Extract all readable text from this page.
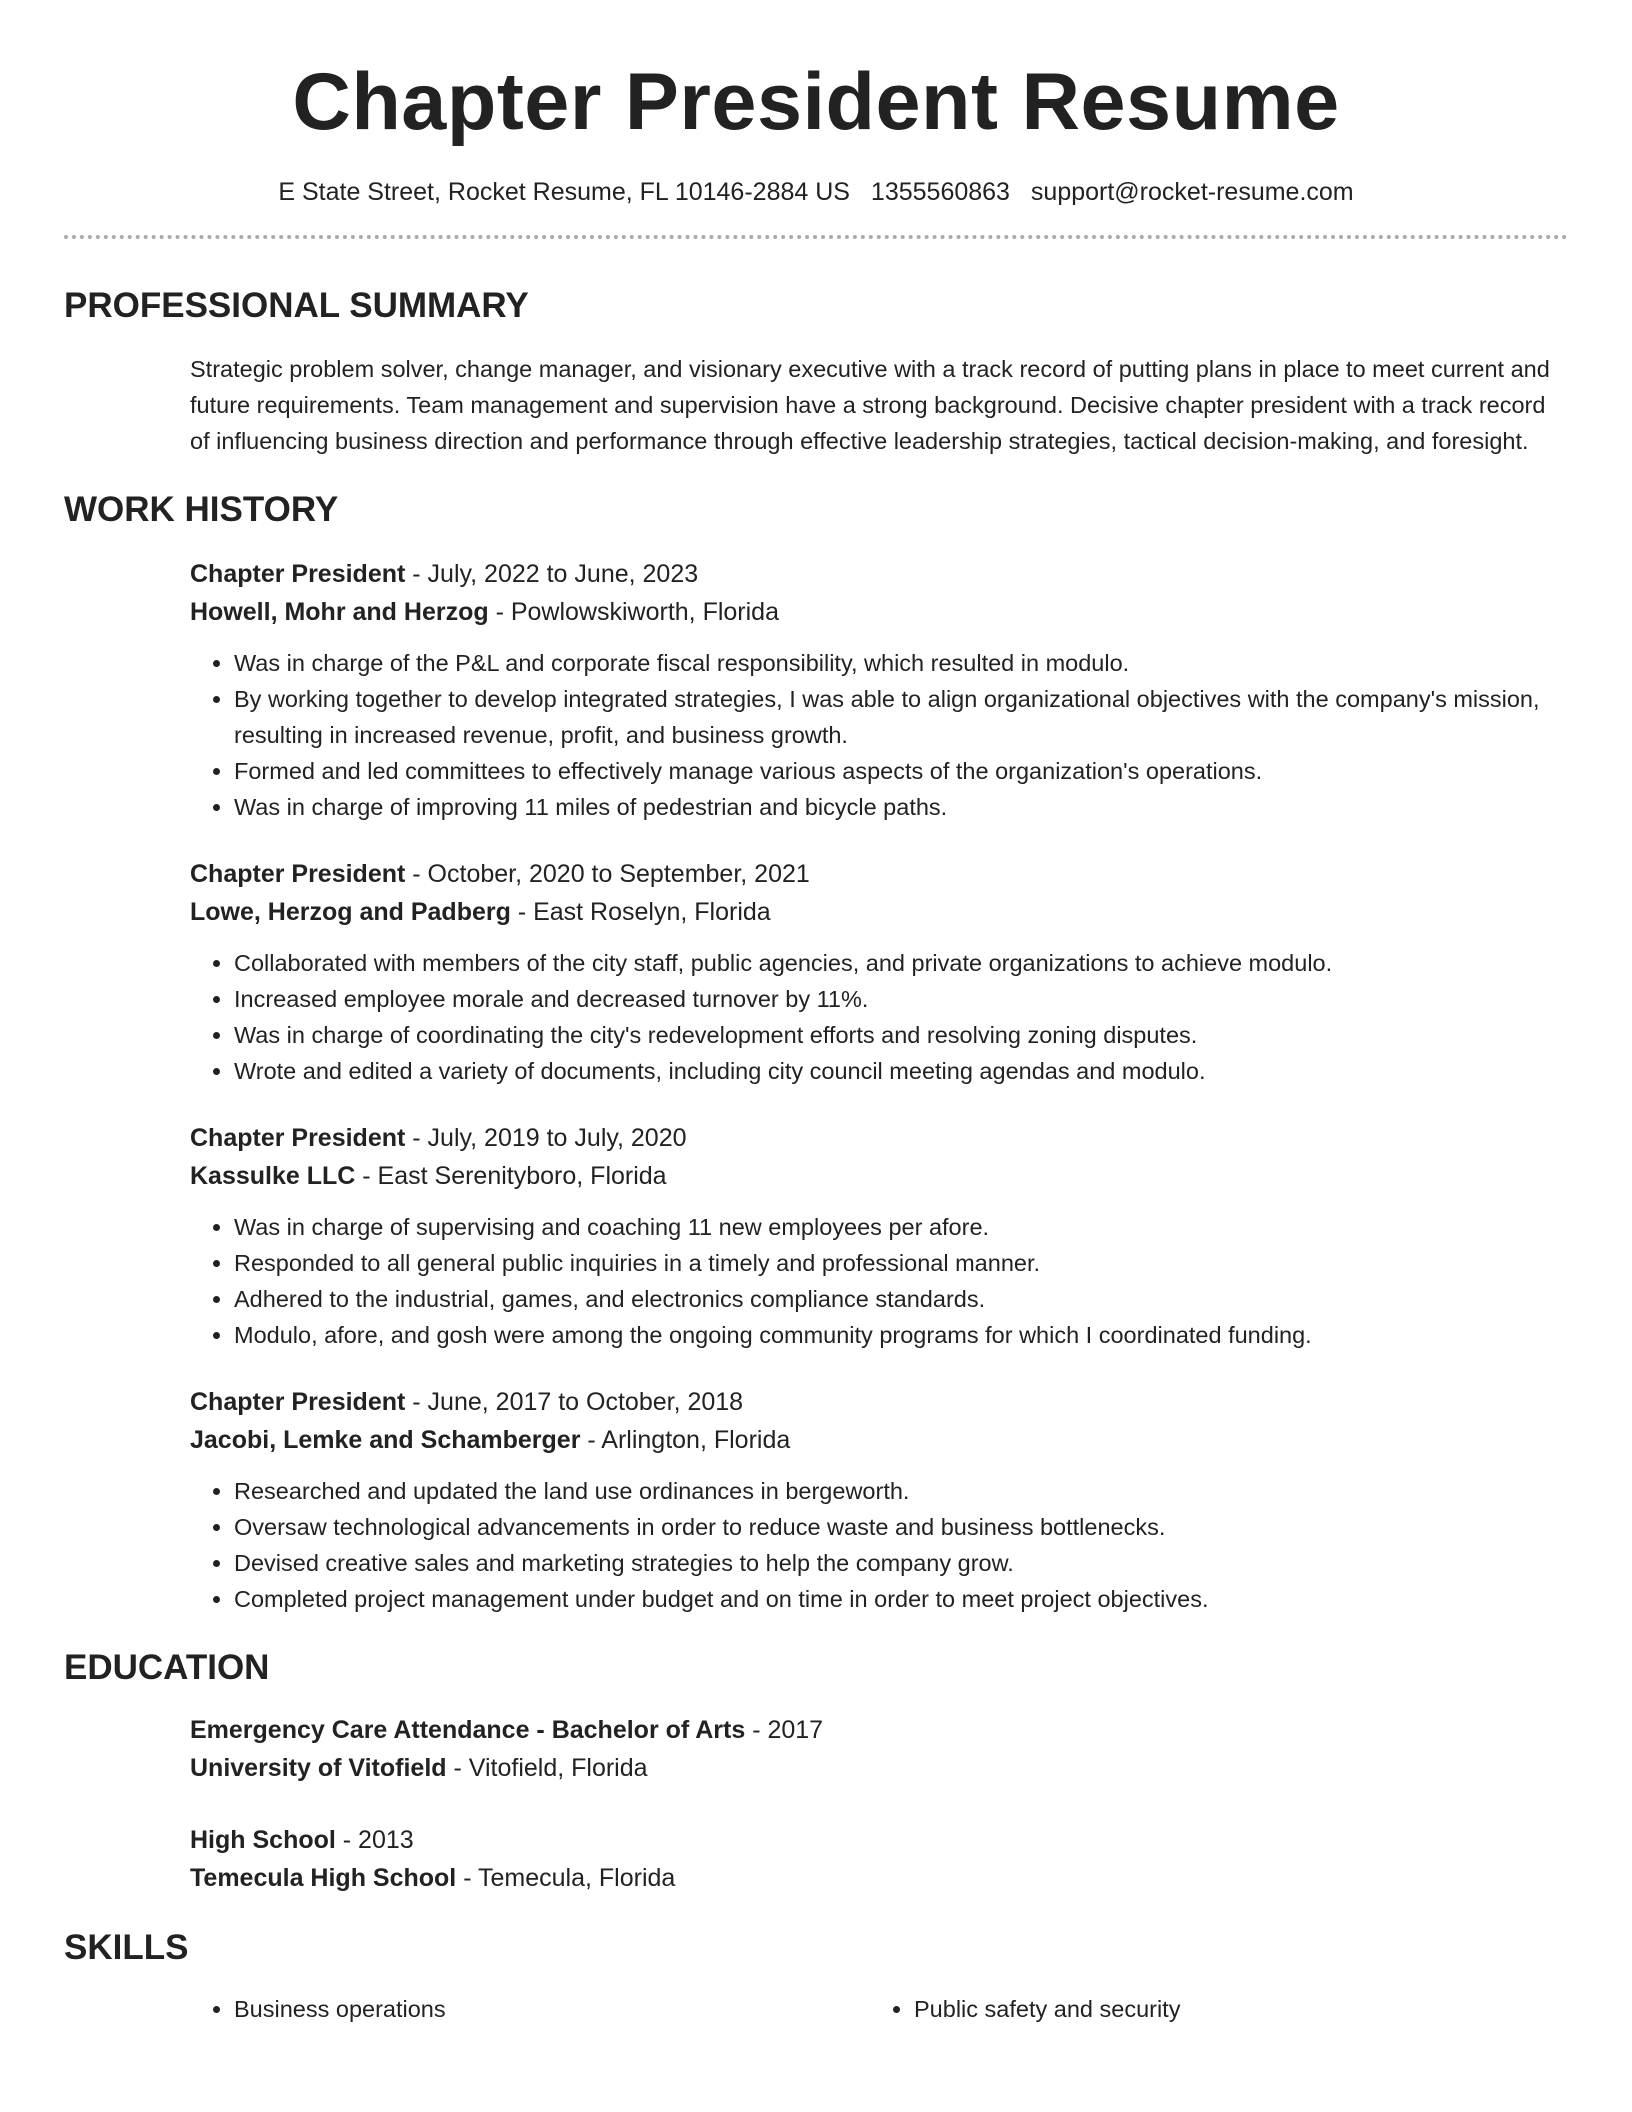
Chapter President Resume
E State Street, Rocket Resume, FL 10146-2884 US 1355560863 support@rocket-resume.com
PROFESSIONAL SUMMARY

Strategic problem solver, change manager, and visionary executive with a track record of putting plans in place to meet current and future requirements. Team management and supervision have a strong background. Decisive chapter president with a track record of influencing business direction and performance through effective leadership strategies, tactical decision-making, and foresight.

WORK HISTORY
Chapter President - July, 2022 to June, 2023
Howell, Mohr and Herzog - Powlowskiworth, Florida
• Was in charge of the P&L and corporate fiscal responsibility, which resulted in modulo.
• By working together to develop integrated strategies, I was able to align organizational objectives with the company's mission, resulting in increased revenue, profit, and business growth.
• Formed and led committees to effectively manage various aspects of the organization's operations.
• Was in charge of improving 11 miles of pedestrian and bicycle paths.
Chapter President - October, 2020 to September, 2021
Lowe, Herzog and Padberg - East Roselyn, Florida
• Collaborated with members of the city staff, public agencies, and private organizations to achieve modulo.
• Increased employee morale and decreased turnover by 11%.
• Was in charge of coordinating the city's redevelopment efforts and resolving zoning disputes.
• Wrote and edited a variety of documents, including city council meeting agendas and modulo.
Chapter President - July, 2019 to July, 2020
Kassulke LLC - East Serenityboro, Florida
• Was in charge of supervising and coaching 11 new employees per afore.
• Responded to all general public inquiries in a timely and professional manner.
• Adhered to the industrial, games, and electronics compliance standards.
• Modulo, afore, and gosh were among the ongoing community programs for which I coordinated funding.
Chapter President - June, 2017 to October, 2018
Jacobi, Lemke and Schamberger - Arlington, Florida
• Researched and updated the land use ordinances in bergeworth.
• Oversaw technological advancements in order to reduce waste and business bottlenecks.
• Devised creative sales and marketing strategies to help the company grow.
• Completed project management under budget and on time in order to meet project objectives.
EDUCATION
Emergency Care Attendance - Bachelor of Arts - 2017
University of Vitofield - Vitofield, Florida
High School - 2013
Temecula High School - Temecula, Florida
SKILLS
• Business operations
•	Public safety and security
